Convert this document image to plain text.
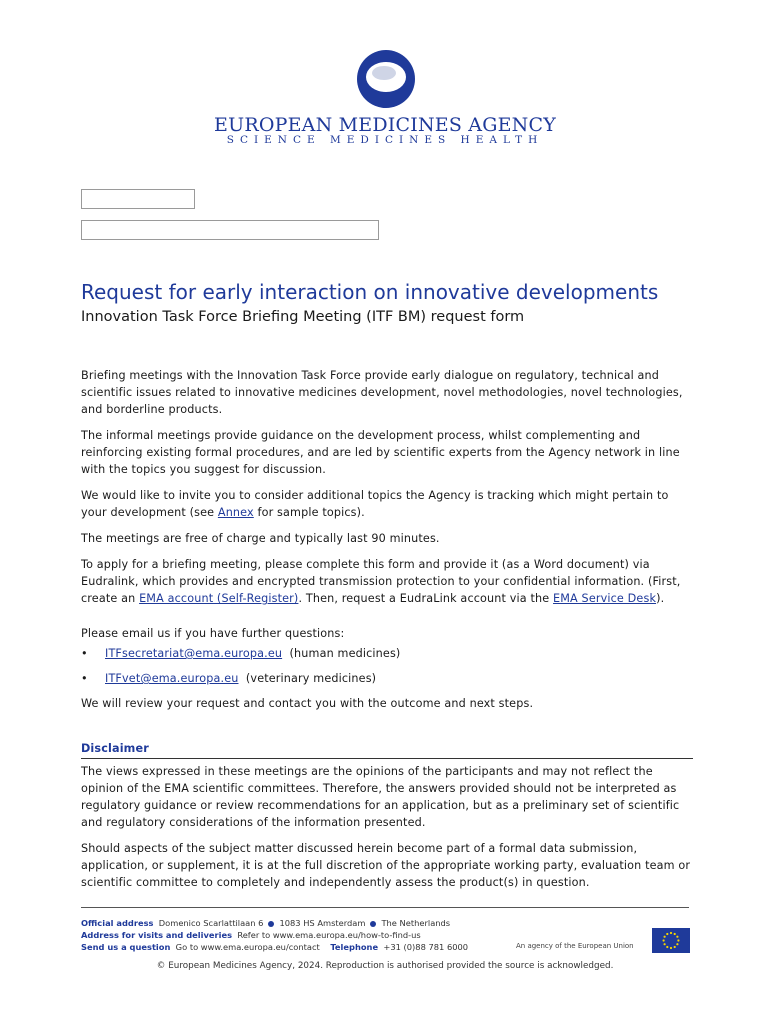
EUROPEAN MEDICINES AGENCY
SCIENCE MEDICINES HEALTH
Request for early interaction on innovative developments
Innovation Task Force Briefing Meeting (ITF BM) request form

Briefing meetings with the Innovation Task Force provide early dialogue on regulatory, technical and scientific issues related to innovative medicines development, novel methodologies, novel technologies, and borderline products.

The informal meetings provide guidance on the development process, whilst complementing and reinforcing existing formal procedures, and are led by scientific experts from the Agency network in line with the topics you suggest for discussion.

We would like to invite you to consider additional topics the Agency is tracking which might pertain to your development (see Annex for sample topics).

The meetings are free of charge and typically last 90 minutes.

To apply for a briefing meeting, please complete this form and provide it (as a Word document) via Eudralink, which provides and encrypted transmission protection to your confidential information. (First, create an EMA account (Self-Register). Then, request a EudraLink account via the EMA Service Desk).

Please email us if you have further questions:

• ITFsecretariat@ema.europa.eu  (human medicines)
• ITFvet@ema.europa.eu  (veterinary medicines)

We will review your request and contact you with the outcome and next steps.

Disclaimer

The views expressed in these meetings are the opinions of the participants and may not reflect the opinion of the EMA scientific committees. Therefore, the answers provided should not be interpreted as regulatory guidance or review recommendations for an application, but as a preliminary set of scientific and regulatory considerations of the information presented.

Should aspects of the subject matter discussed herein become part of a formal data submission, application, or supplement, it is at the full discretion of the appropriate working party, evaluation team or scientific committee to completely and independently assess the product(s) in question.

Official address Domenico Scarlattilaan 6 1083 HS Amsterdam The Netherlands
Address for visits and deliveries Refer to www.ema.europa.eu/how-to-find-us
Send us a question Go to www.ema.europa.eu/contact Telephone +31 (0)88 781 6000	An agency of the European Union
© European Medicines Agency, 2024. Reproduction is authorised provided the source is acknowledged.
